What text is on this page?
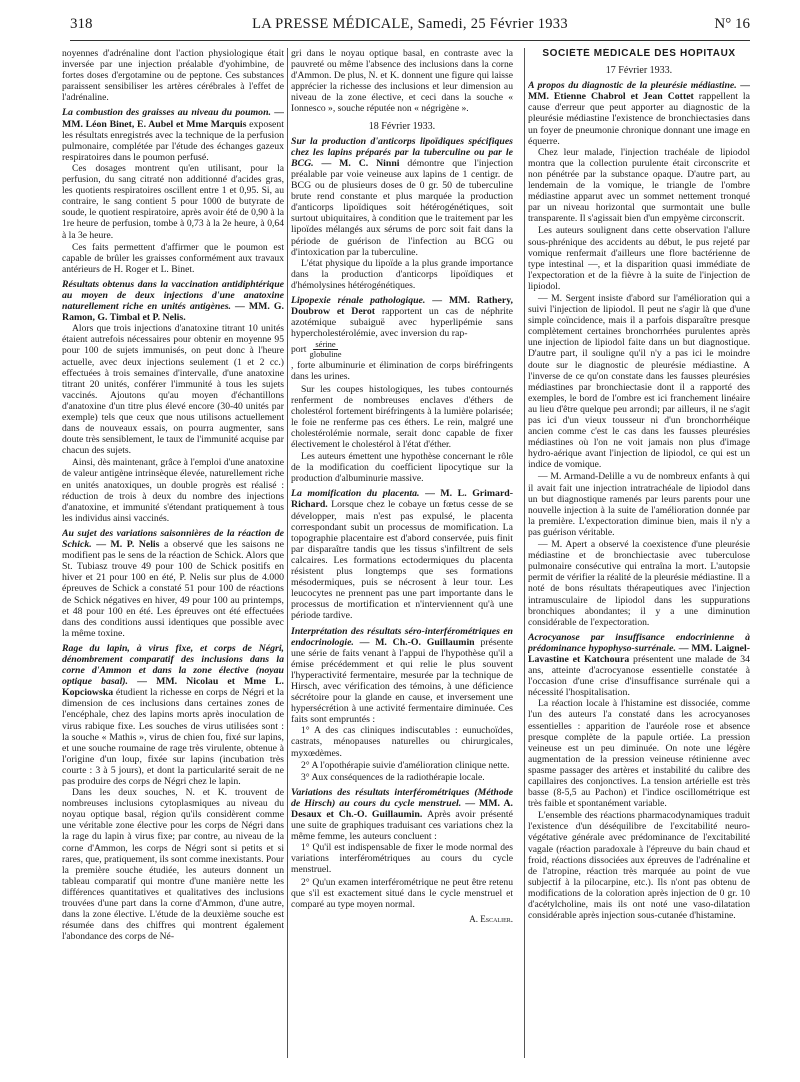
318	LA PRESSE MÉDICALE, Samedi, 25 Février 1933	N° 16

noyennes d'adrénaline dont l'action physiologique était inversée par une injection préalable d'yohimbine, de fortes doses d'ergotamine ou de peptone. Ces substances paraissent sensibiliser les artères cérébrales à l'effet de l'adrénaline.

La combustion des graisses au niveau du poumon. — MM. Léon Binet, E. Aubel et Mme Marquis exposent les résultats enregistrés avec la technique de la perfusion pulmonaire, complétée par l'étude des échanges gazeux respiratoires dans le poumon perfusé.

Ces dosages montrent qu'en utilisant, pour la perfusion, du sang citraté non additionné d'acides gras, les quotients respiratoires oscillent entre 1 et 0,95. Si, au contraire, le sang contient 5 pour 1000 de butyrate de soude, le quotient respiratoire, après avoir été de 0,90 à la 1re heure de perfusion, tombe à 0,73 à la 2e heure, à 0,64 à la 3e heure.

Ces faits permettent d'affirmer que le poumon est capable de brûler les graisses conformément aux travaux antérieurs de H. Roger et L. Binet.

Résultats obtenus dans la vaccination antidiphtérique au moyen de deux injections d'une anatoxine naturellement riche en unités antigènes. — MM. G. Ramon, G. Timbal et P. Nelis.

Alors que trois injections d'anatoxine titrant 10 unités étaient autrefois nécessaires pour obtenir en moyenne 95 pour 100 de sujets immunisés, on peut donc à l'heure actuelle, avec deux injections seulement (1 et 2 cc.) effectuées à trois semaines d'intervalle, d'une anatoxine titrant 20 unités, conférer l'immunité à tous les sujets vaccinés. Ajoutons qu'au moyen d'échantillons d'anatoxine d'un titre plus élevé encore (30-40 unités par exemple) tels que ceux que nous utilisons actuellement dans de nouveaux essais, on pourra augmenter, sans doute très sensiblement, le taux de l'immunité acquise par chacun des sujets.

Ainsi, dès maintenant, grâce à l'emploi d'une anatoxine de valeur antigène intrinsèque élevée, naturellement riche en unités anatoxiques, un double progrès est réalisé : réduction de trois à deux du nombre des injections d'anatoxine, et immunité s'étendant pratiquement à tous les individus ainsi vaccinés.

Au sujet des variations saisonnières de la réaction de Schick. — M. P. Nelis a observé que les saisons ne modifient pas le sens de la réaction de Schick. Alors que St. Tubiasz trouve 49 pour 100 de Schick positifs en hiver et 21 pour 100 en été, P. Nelis sur plus de 4.000 épreuves de Schick a constaté 51 pour 100 de réactions de Schick négatives en hiver, 49 pour 100 au printemps, et 48 pour 100 en été. Les épreuves ont été effectuées dans des conditions aussi identiques que possible avec la même toxine.
Rage du lapin, à virus fixe, et corps de Négri, dénombrement comparatif des inclusions dans la corne d'Ammon et dans la zone élective (noyau optique basal). — MM. Nicolau et Mme L. Kopciowska étudient la richesse en corps de Négri et la dimension de ces inclusions dans certaines zones de l'encéphale, chez des lapins morts après inoculation de virus rabique fixe. Les souches de virus utilisées sont : la souche « Mathis », virus de chien fou, fixé sur lapins, et une souche roumaine de rage très virulente, obtenue à l'origine d'un loup, fixée sur lapins (incubation très courte : 3 à 5 jours), et dont la particularité serait de ne pas produire des corps de Négri chez le lapin.

Dans les deux souches, N. et K. trouvent de nombreuses inclusions cytoplasmiques au niveau du noyau optique basal, région qu'ils considèrent comme une véritable zone élective pour les corps de Négri dans la rage du lapin à virus fixe; par contre, au niveau de la corne d'Ammon, les corps de Négri sont si petits et si rares, que, pratiquement, ils sont comme inexistants. Pour la première souche étudiée, les auteurs donnent un tableau comparatif qui montre d'une manière nette les différences quantitatives et qualitatives des inclusions trouvées d'une part dans la corne d'Ammon, d'une autre, dans la zone élective. L'étude de la deuxième souche est résumée dans des chiffres qui montrent également l'abondance des corps de Né-

gri dans le noyau optique basal, en contraste avec la pauvreté ou même l'absence des inclusions dans la corne d'Ammon. De plus, N. et K. donnent une figure qui laisse apprécier la richesse des inclusions et leur dimension au niveau de la zone élective, et ceci dans la souche « Ionnesco », souche réputée non « négrigène ».

18 Février 1933.
Sur la production d'anticorps lipoïdiques spécifiques chez les lapins préparés par la tuberculine ou par le BCG. — M. C. Ninni démontre que l'injection préalable par voie veineuse aux lapins de 1 centigr. de BCG ou de plusieurs doses de 0 gr. 50 de tuberculine brute rend constante et plus marquée la production d'anticorps lipoïdiques soit hétérogénétiques, soit surtout ubiquitaires, à condition que le traitement par les lipoïdes mélangés aux sérums de porc soit fait dans la période de guérison de l'infection au BCG ou d'intoxication par la tuberculine.

L'état physique du lipoïde a la plus grande importance dans la production d'anticorps lipoïdiques et d'hémolysines hétérogénétiques.

Lipopexie rénale pathologique. — MM. Rathery, Doubrow et Derot rapportent un cas de néphrite azotémique subaiguë avec hyperlipémie sans hypercholestérolémie, avec inversion du rap-
port $\frac{\text{sérine}}{\text{globuline}}$

, forte albuminurie et élimination de corps biréfringents dans les urines.

Sur les coupes histologiques, les tubes contournés renferment de nombreuses enclaves d'éthers de cholestérol fortement biréfringents à la lumière polarisée; le foie ne renferme pas ces éthers. Le rein, malgré une cholestérolémie normale, serait donc capable de fixer électivement le cholestérol à l'état d'éther.

Les auteurs émettent une hypothèse concernant le rôle de la modification du coefficient lipocytique sur la production d'albuminurie massive.

La momification du placenta. — M. L. Grimard-Richard. Lorsque chez le cobaye un fœtus cesse de se développer, mais n'est pas expulsé, le placenta correspondant subit un processus de momification. La topographie placentaire est d'abord conservée, puis finit par disparaître tandis que les tissus s'infiltrent de sels calcaires. Les formations ectodermiques du placenta résistent plus longtemps que ses formations mésodermiques, puis se nécrosent à leur tour. Les leucocytes ne prennent pas une part importante dans le processus de mortification et n'interviennent qu'à une période tardive.
Interprétation des résultats séro-interférométriques en endocrinologie. — M. Ch.-O. Guillaumin présente une série de faits venant à l'appui de l'hypothèse qu'il a émise précédemment et qui relie le plus souvent l'hyperactivité fermentaire, mesurée par la technique de Hirsch, avec vérification des témoins, à une déficience sécrétoire pour la glande en cause, et inversement une hypersécrétion à une activité fermentaire diminuée. Ces faits sont empruntés :

1° A des cas cliniques indiscutables : eunuchoïdes, castrats, ménopauses naturelles ou chirurgicales, myxœdèmes.

2° A l'opothérapie suivie d'amélioration clinique nette.

3° Aux conséquences de la radiothérapie locale.

Variations des résultats interférométriques (Méthode de Hirsch) au cours du cycle menstruel. — MM. A. Desaux et Ch.-O. Guillaumin. Après avoir présenté une suite de graphiques traduisant ces variations chez la même femme, les auteurs concluent :

1° Qu'il est indispensable de fixer le mode normal des variations interférométriques au cours du cycle menstruel.

2° Qu'un examen interférométrique ne peut être retenu que s'il est exactement situé dans le cycle menstruel et comparé au type moyen normal.

A. Escalier.
SOCIÉTÉ MÉDICALE DES HOPITAUX
17 Février 1933.
A propos du diagnostic de la pleurésie médiastine. — MM. Etienne Chabrol et Jean Cottet rappellent la cause d'erreur que peut apporter au diagnostic de la pleurésie médiastine l'existence de bronchiectasies dans un foyer de pneumonie chronique donnant une image en équerre.

Chez leur malade, l'injection trachéale de lipiodol montra que la collection purulente était circonscrite et non pénétrée par la substance opaque. D'autre part, au lendemain de la vomique, le triangle de l'ombre médiastine apparut avec un sommet nettement tronqué par un niveau horizontal que surmontait une bulle transparente. Il s'agissait bien d'un empyème circonscrit.

Les auteurs soulignent dans cette observation l'allure sous-phrénique des accidents au début, le pus rejeté par vomique renfermait d'ailleurs une flore bactérienne de type intestinal —, et la disparition quasi immédiate de l'expectoration et de la fièvre à la suite de l'injection de lipiodol.

— M. Sergent insiste d'abord sur l'amélioration qui a suivi l'injection de lipiodol. Il peut ne s'agir là que d'une simple coïncidence, mais il a parfois disparaître presque complètement certaines bronchorrhées purulentes après une injection de lipiodol faite dans un but diagnostique. D'autre part, il souligne qu'il n'y a pas ici le moindre doute sur le diagnostic de pleurésie médiastine. A l'inverse de ce qu'on constate dans les fausses pleurésies médiastines par bronchiectasie dont il a rapporté des exemples, le bord de l'ombre est ici franchement linéaire au lieu d'être quelque peu arrondi; par ailleurs, il ne s'agit pas ici d'un vieux tousseur ni d'un bronchorrhéique ancien comme c'est le cas dans les fausses pleurésies médiastines où l'on ne voit jamais non plus d'image hydro-aérique avant l'injection de lipiodol, ce qui est un indice de vomique.

— M. Armand-Delille a vu de nombreux enfants à qui il avait fait une injection intratrachéale de lipiodol dans un but diagnostique ramenés par leurs parents pour une nouvelle injection à la suite de l'amélioration donnée par la première. L'expectoration diminue bien, mais il n'y a pas guérison véritable.

— M. Apert a observé la coexistence d'une pleurésie médiastine et de bronchiectasie avec tuberculose pulmonaire consécutive qui entraîna la mort. L'autopsie permit de vérifier la réalité de la pleurésie médiastine. Il a noté de bons résultats thérapeutiques avec l'injection intramusculaire de lipiodol dans les suppurations bronchiques abondantes; il y a une diminution considérable de l'expectoration.

Acrocyanose par insuffisance endocrinienne à prédominance hypophyso-surrénale. — MM. Laignel-Lavastine et Katchoura présentent une malade de 34 ans, atteinte d'acrocyanose essentielle constatée à l'occasion d'une crise d'insuffisance surrénale qui a nécessité l'hospitalisation.

La réaction locale à l'histamine est dissociée, comme l'un des auteurs l'a constaté dans les acrocyanoses essentielles : apparition de l'auréole rose et absence presque complète de la papule ortiée. La pression veineuse est un peu diminuée. On note une légère augmentation de la pression veineuse rétinienne avec spasme passager des artères et instabilité du calibre des capillaires des conjonctives. La tension artérielle est très basse (8-5,5 au Pachon) et l'indice oscillométrique est très faible et spontanément variable.

L'ensemble des réactions pharmacodynamiques traduit l'existence d'un déséquilibre de l'excitabilité neuro-végétative générale avec prédominance de l'excitabilité vagale (réaction paradoxale à l'épreuve du bain chaud et froid, réactions dissociées aux épreuves de l'adrénaline et de l'atropine, réaction très marquée au point de vue subjectif à la pilocarpine, etc.). Ils n'ont pas obtenu de modifications de la coloration après injection de 0 gr. 10 d'acétylcholine, mais ils ont noté une vaso-dilatation considérable après injection sous-cutanée d'histamine.
